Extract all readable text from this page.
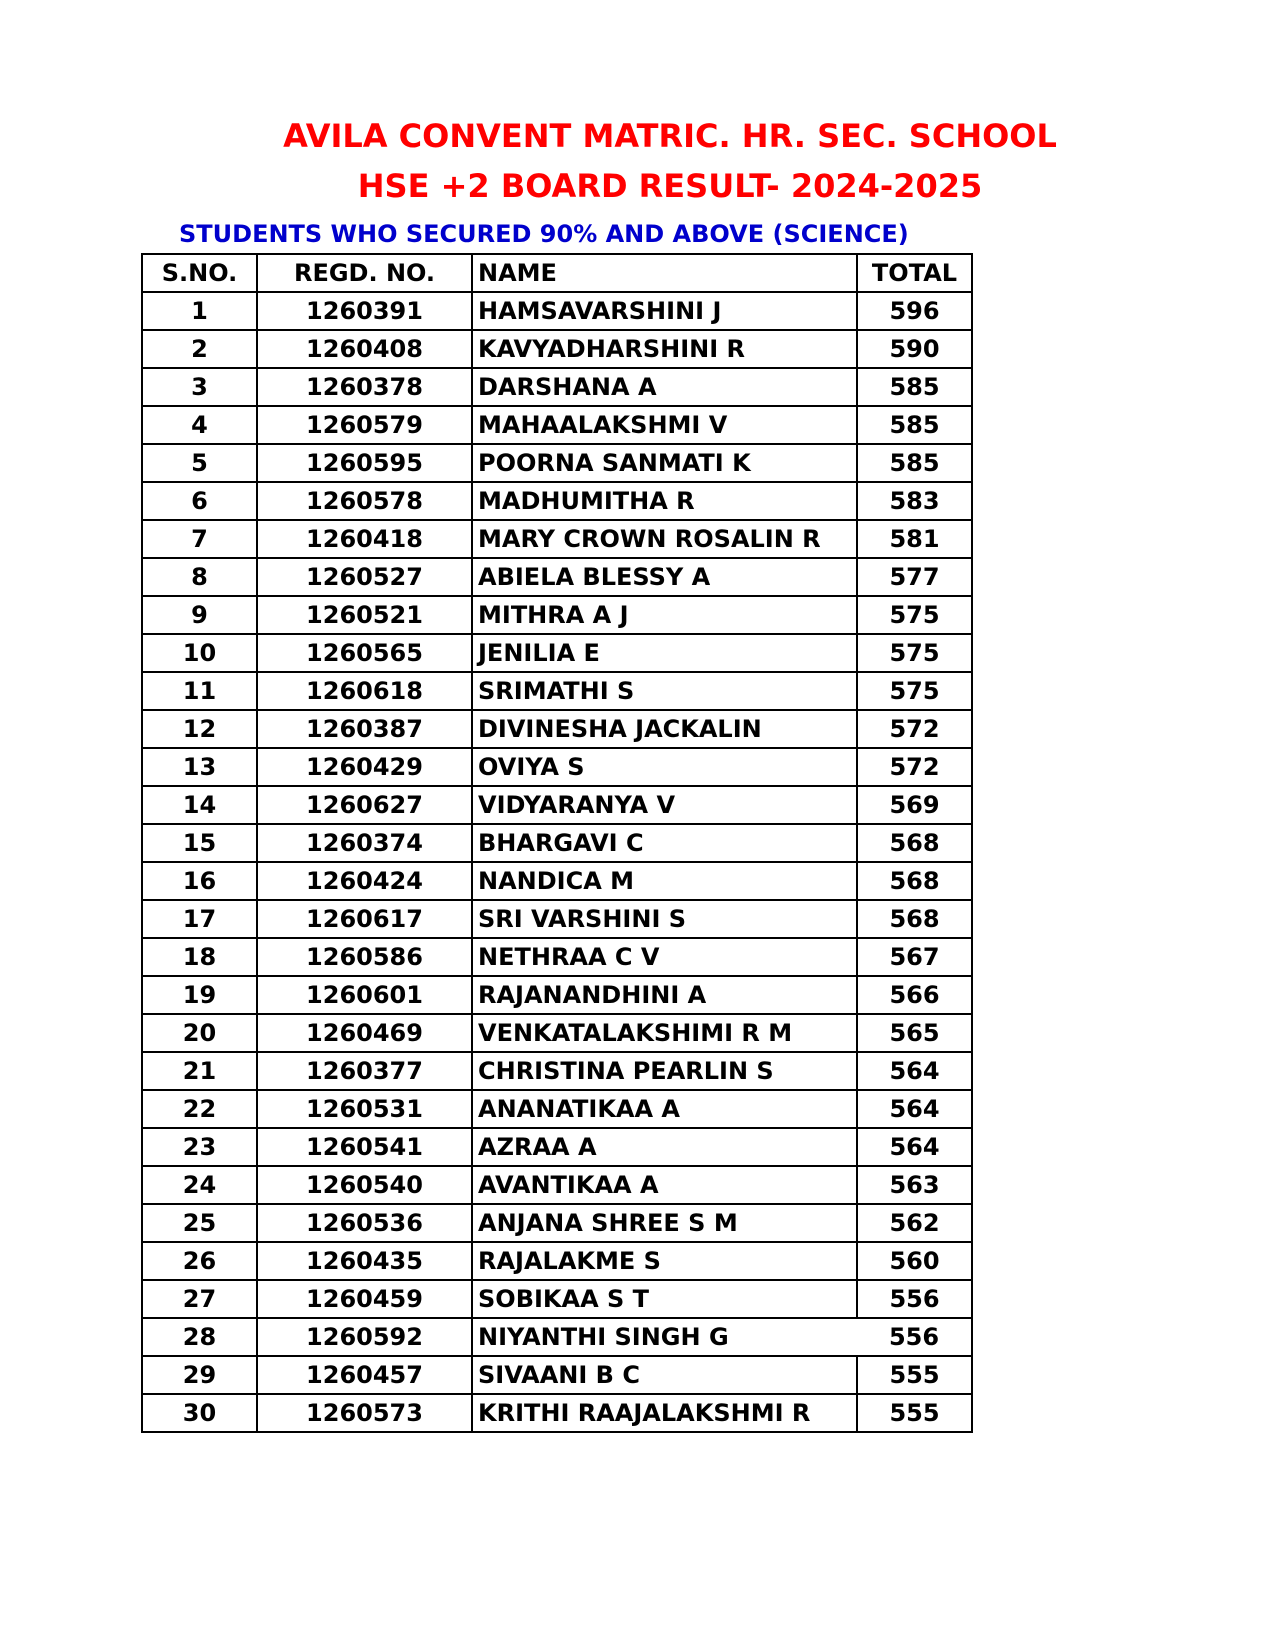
AVILA CONVENT MATRIC. HR. SEC. SCHOOL
HSE +2 BOARD RESULT- 2024-2025
STUDENTS WHO SECURED 90% AND ABOVE (SCIENCE)
S.NO.	REGD. NO.	NAME	TOTAL
1	1260391	HAMSAVARSHINI J	596
2	1260408	KAVYADHARSHINI R	590
3	1260378	DARSHANA A	585
4	1260579	MAHAALAKSHMI V	585
5	1260595	POORNA SANMATI K	585
6	1260578	MADHUMITHA R	583
7	1260418	MARY CROWN ROSALIN R	581
8	1260527	ABIELA BLESSY A	577
9	1260521	MITHRA A J	575
10	1260565	JENILIA E	575
11	1260618	SRIMATHI S	575
12	1260387	DIVINESHA JACKALIN	572
13	1260429	OVIYA S	572
14	1260627	VIDYARANYA V	569
15	1260374	BHARGAVI C	568
16	1260424	NANDICA M	568
17	1260617	SRI VARSHINI S	568
18	1260586	NETHRAA C V	567
19	1260601	RAJANANDHINI A	566
20	1260469	VENKATALAKSHIMI R M	565
21	1260377	CHRISTINA PEARLIN S	564
22	1260531	ANANATIKAA A	564
23	1260541	AZRAA A	564
24	1260540	AVANTIKAA A	563
25	1260536	ANJANA SHREE S M	562
26	1260435	RAJALAKME S	560
27	1260459	SOBIKAA S T	556
28	1260592	NIYANTHI SINGH G	556
29	1260457	SIVAANI B C	555
30	1260573	KRITHI RAAJALAKSHMI R	555
